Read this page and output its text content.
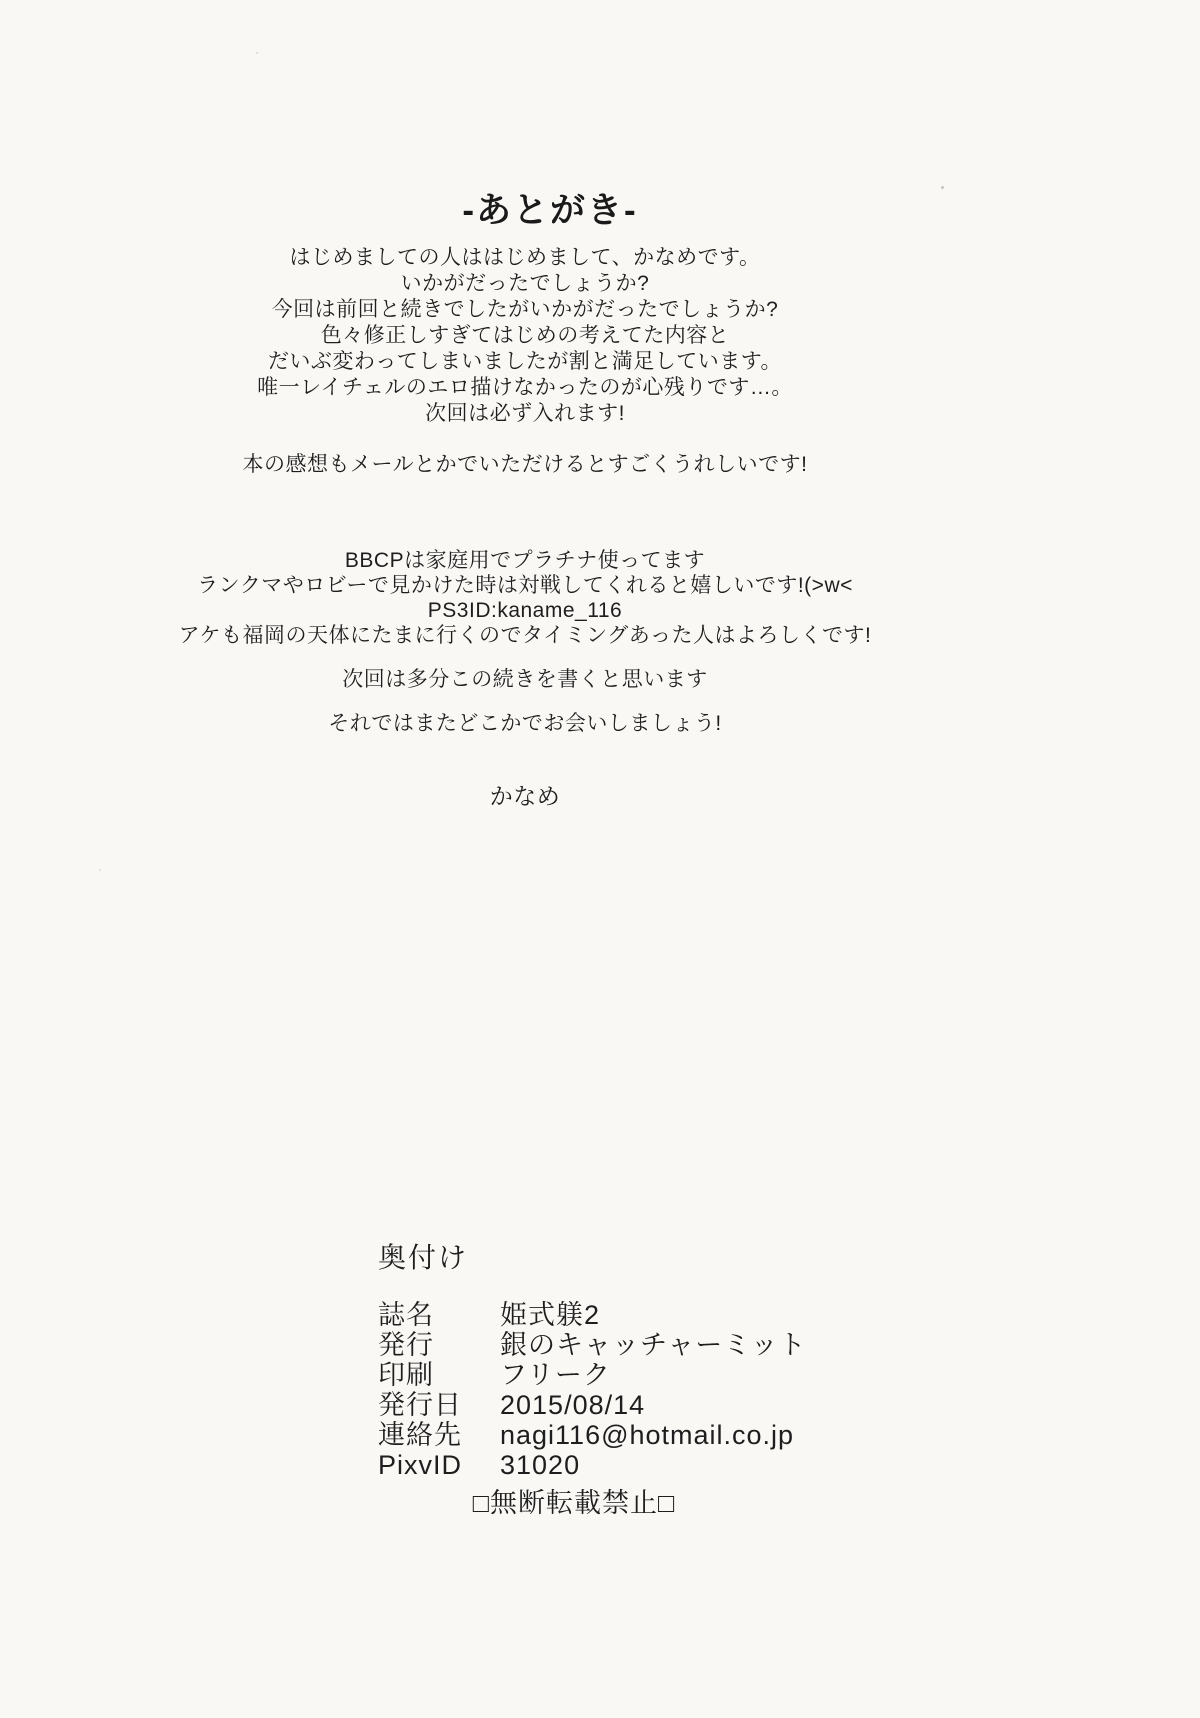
-あとがき-
はじめましての人ははじめまして、かなめです。
いかがだったでしょうか?
今回は前回と続きでしたがいかがだったでしょうか?
色々修正しすぎてはじめの考えてた内容と
だいぶ変わってしまいましたが割と満足しています。
唯一レイチェルのエロ描けなかったのが心残りです…。
次回は必ず入れます!
本の感想もメールとかでいただけるとすごくうれしいです!
BBCPは家庭用でプラチナ使ってます
ランクマやロビーで見かけた時は対戦してくれると嬉しいです!(>w<
PS3ID:kaname_116
アケも福岡の天体にたまに行くのでタイミングあった人はよろしくです!
次回は多分この続きを書くと思います
それではまたどこかでお会いしましょう!
かなめ
奥付け
誌名	姫式躾2
発行	銀のキャッチャーミット
印刷	フリーク
発行日	2015/08/14
連絡先	nagi116@hotmail.co.jp
PixvID	31020
□無断転載禁止□
